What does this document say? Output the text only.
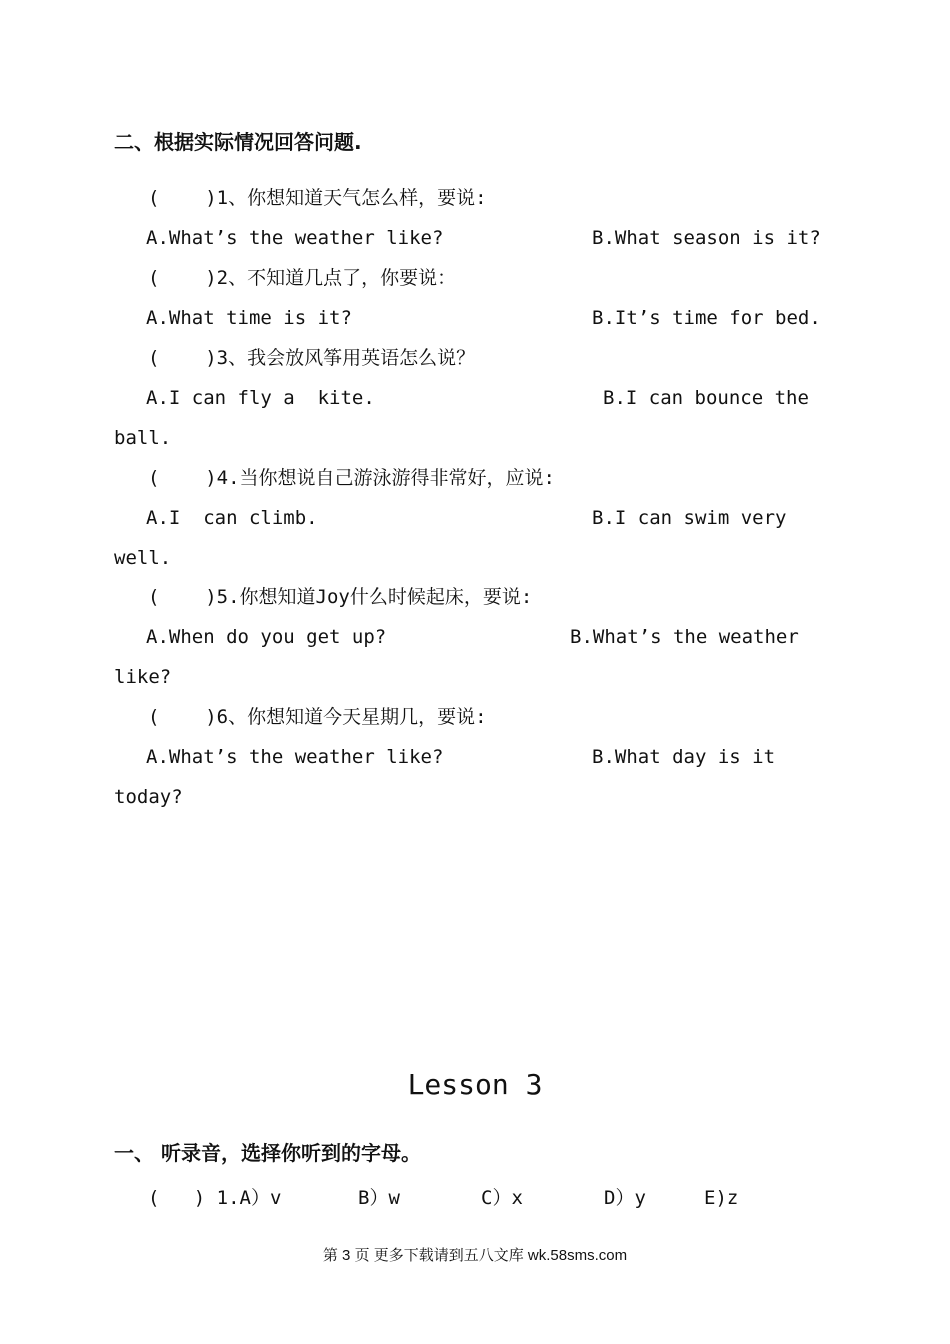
二、根据实际情况回答问题.
(    )1、你想知道天气怎么样，要说:
A.What’s the weather like?	B.What season is it?
(    )2、不知道几点了，你要说：
A.What time is it?	B.It’s time for bed.
(    )3、我会放风筝用英语怎么说？
A.I can fly a  kite.	B.I can bounce the
ball.
(    )4.当你想说自己游泳游得非常好，应说:
A.I  can climb.	B.I can swim very
well.
(    )5.你想知道Joy什么时候起床，要说:
A.When do you get up?	B.What’s the weather
like?
(    )6、你想知道今天星期几，要说:
A.What’s the weather like?	B.What day is it
today?
Lesson 3
一、 听录音，选择你听到的字母。
(   ) 1.A）v	B）w	C）x	D）y	E)z
第 3 页 更多下载请到五八文库 wk.58sms.com
